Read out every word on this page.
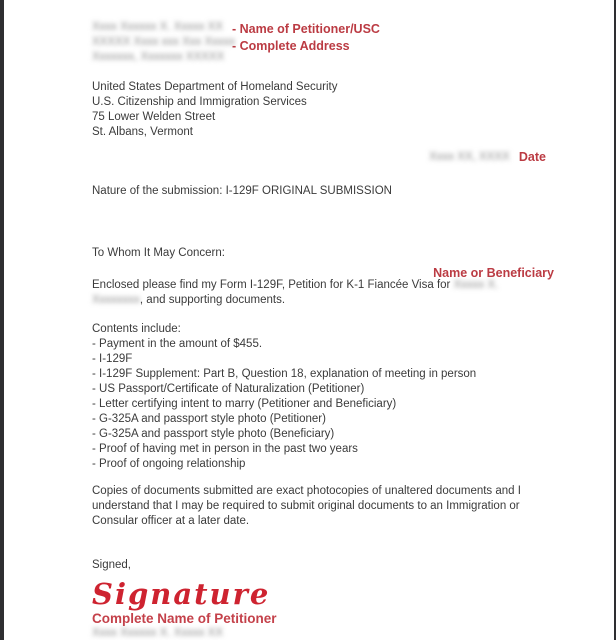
Xxxx Xxxxxx X. Xxxxx XX
XXXXX Xxxx xxx Xxx Xxxxx
Xxxxxxx, Xxxxxxx XXXXX
- Name of Petitioner/USC
- Complete Address
United States Department of Homeland Security
U.S. Citizenship and Immigration Services
75 Lower Welden Street
St. Albans, Vermont
Xxxx XX, XXXX Date
Nature of the submission: I-129F ORIGINAL SUBMISSION
To Whom It May Concern:
Name or Beneficiary
Enclosed please find my Form I-129F, Petition for K-1 Fiancée Visa for Xxxxx X.
Xxxxxxxx, and supporting documents.
Contents include:
- Payment in the amount of $455.
- I-129F
- I-129F Supplement: Part B, Question 18, explanation of meeting in person
- US Passport/Certificate of Naturalization (Petitioner)
- Letter certifying intent to marry (Petitioner and Beneficiary)
- G-325A and passport style photo (Petitioner)
- G-325A and passport style photo (Beneficiary)
- Proof of having met in person in the past two years
- Proof of ongoing relationship
Copies of documents submitted are exact photocopies of unaltered documents and I understand that I may be required to submit original documents to an Immigration or Consular officer at a later date.
Signed,
Signature
Complete Name of Petitioner
Xxxx Xxxxxx X. Xxxxx XX
